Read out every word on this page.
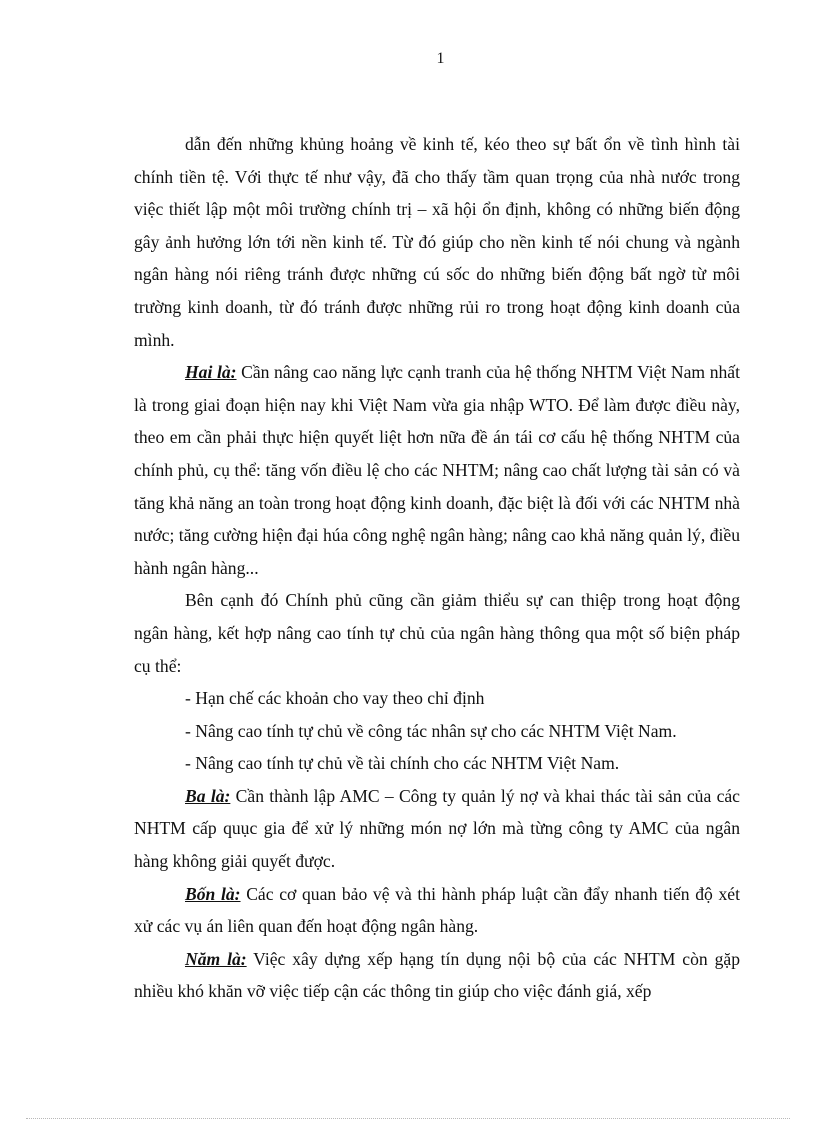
1

dẫn đến những khủng hoảng về kinh tế, kéo theo sự bất ổn về tình hình tài chính tiền tệ. Với thực tế như vậy, đã cho thấy tầm quan trọng của nhà nước trong việc thiết lập một môi trường chính trị – xã hội ổn định, không có những biến động gây ảnh hưởng lớn tới nền kinh tế. Từ đó giúp cho nền kinh tế nói chung và ngành ngân hàng nói riêng tránh được những cú sốc do những biến động bất ngờ từ môi trường kinh doanh, từ đó tránh được những rủi ro trong hoạt động kinh doanh của mình.

Hai là: Cần nâng cao năng lực cạnh tranh của hệ thống NHTM Việt Nam nhất là trong giai đoạn hiện nay khi Việt Nam vừa gia nhập WTO. Để làm được điều này, theo em cần phải thực hiện quyết liệt hơn nữa đề án tái cơ cấu hệ thống NHTM của chính phủ, cụ thể: tăng vốn điều lệ cho các NHTM; nâng cao chất lượng tài sản có và tăng khả năng an toàn trong hoạt động kinh doanh, đặc biệt là đối với các NHTM nhà nước; tăng cường hiện đại húa công nghệ ngân hàng; nâng cao khả năng quản lý, điều hành ngân hàng...

Bên cạnh đó Chính phủ cũng cần giảm thiểu sự can thiệp trong hoạt động ngân hàng, kết hợp nâng cao tính tự chủ của ngân hàng thông qua một số biện pháp cụ thể:

- Hạn chế các khoản cho vay theo chỉ định

- Nâng cao tính tự chủ về công tác nhân sự cho các NHTM Việt Nam.

- Nâng cao tính tự chủ về tài chính cho các NHTM Việt Nam.

Ba là: Cần thành lập AMC – Công ty quản lý nợ và khai thác tài sản của các NHTM cấp quục gia để xử lý những món nợ lớn mà từng công ty AMC của ngân hàng không giải quyết được.

Bốn là: Các cơ quan bảo vệ và thi hành pháp luật cần đẩy nhanh tiến độ xét xử các vụ án liên quan đến hoạt động ngân hàng.

Năm là: Việc xây dựng xếp hạng tín dụng nội bộ của các NHTM còn gặp nhiều khó khăn vỡ việc tiếp cận các thông tin giúp cho việc đánh giá, xếp
